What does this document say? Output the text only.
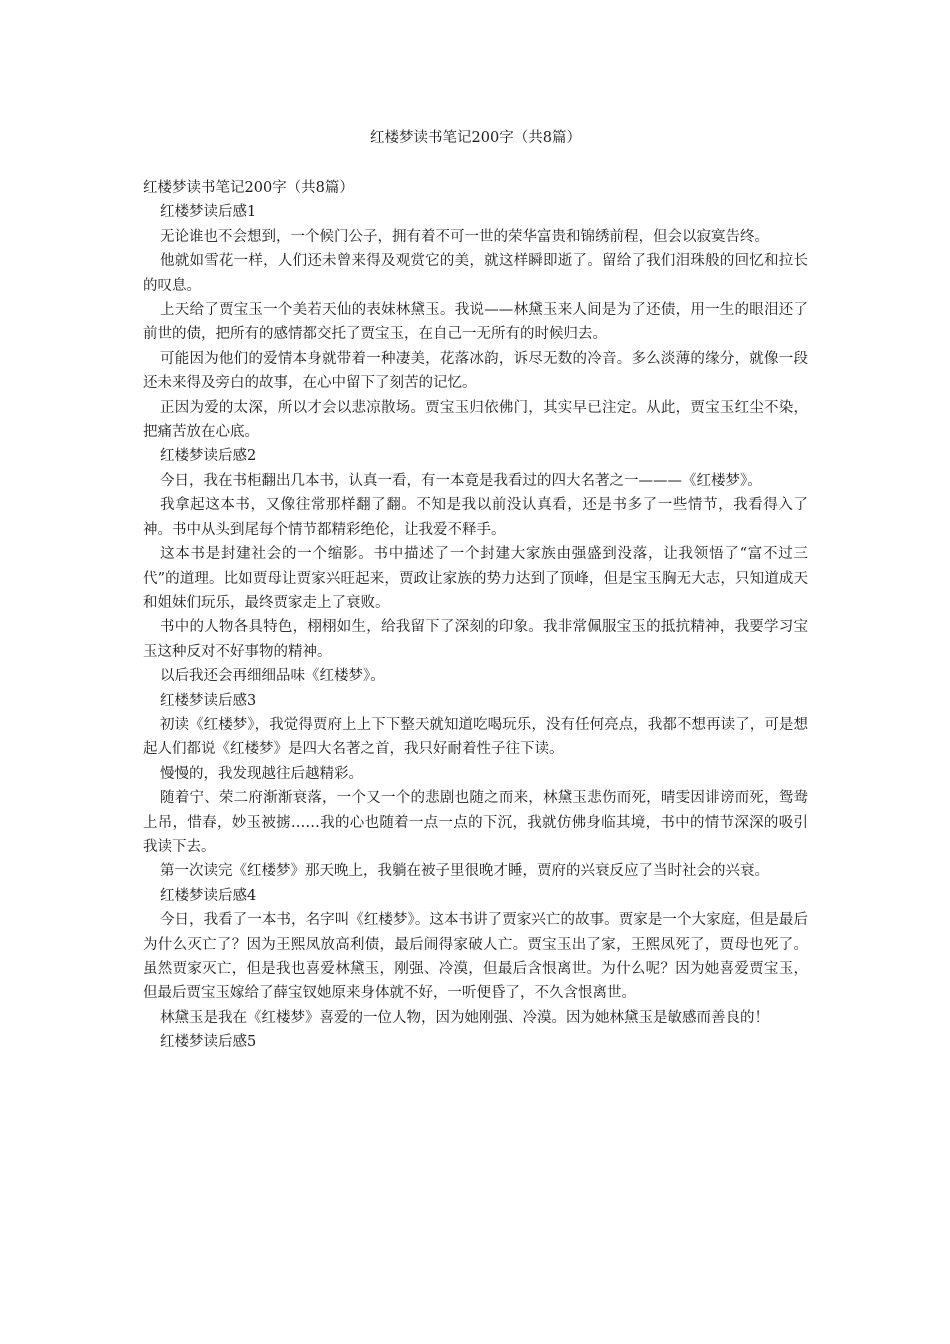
红楼梦读书笔记200字（共8篇）

红楼梦读书笔记200字（共8篇）

红楼梦读后感1

无论谁也不会想到，一个候门公子，拥有着不可一世的荣华富贵和锦绣前程，但会以寂寞告终。

他就如雪花一样，人们还未曾来得及观赏它的美，就这样瞬即逝了。留给了我们泪珠般的回忆和拉长的叹息。

上天给了贾宝玉一个美若天仙的表妹林黛玉。我说——林黛玉来人间是为了还债，用一生的眼泪还了前世的债，把所有的感情都交托了贾宝玉，在自己一无所有的时候归去。

可能因为他们的爱情本身就带着一种凄美，花落冰韵，诉尽无数的冷音。多么淡薄的缘分，就像一段还未来得及旁白的故事，在心中留下了刻苦的记忆。

正因为爱的太深，所以才会以悲凉散场。贾宝玉归依佛门，其实早已注定。从此，贾宝玉红尘不染，把痛苦放在心底。

红楼梦读后感2

今日，我在书柜翻出几本书，认真一看，有一本竟是我看过的四大名著之一———《红楼梦》。

我拿起这本书，又像往常那样翻了翻。不知是我以前没认真看，还是书多了一些情节，我看得入了神。书中从头到尾每个情节都精彩绝伦，让我爱不释手。

这本书是封建社会的一个缩影。书中描述了一个封建大家族由强盛到没落，让我领悟了“富不过三代”的道理。比如贾母让贾家兴旺起来，贾政让家族的势力达到了顶峰，但是宝玉胸无大志，只知道成天和姐妹们玩乐，最终贾家走上了衰败。

书中的人物各具特色，栩栩如生，给我留下了深刻的印象。我非常佩服宝玉的抵抗精神，我要学习宝玉这种反对不好事物的精神。

以后我还会再细细品味《红楼梦》。

红楼梦读后感3

初读《红楼梦》，我觉得贾府上上下下整天就知道吃喝玩乐，没有任何亮点，我都不想再读了，可是想起人们都说《红楼梦》是四大名著之首，我只好耐着性子往下读。

慢慢的，我发现越往后越精彩。

随着宁、荣二府渐渐衰落，一个又一个的悲剧也随之而来，林黛玉悲伤而死，晴雯因诽谤而死，鸳鸯上吊，惜春，妙玉被掳……我的心也随着一点一点的下沉，我就仿佛身临其境，书中的情节深深的吸引我读下去。

第一次读完《红楼梦》那天晚上，我躺在被子里很晚才睡，贾府的兴衰反应了当时社会的兴衰。

红楼梦读后感4

今日，我看了一本书，名字叫《红楼梦》。这本书讲了贾家兴亡的故事。贾家是一个大家庭，但是最后为什么灭亡了？因为王熙凤放高利债，最后闹得家破人亡。贾宝玉出了家，王熙凤死了，贾母也死了。虽然贾家灭亡，但是我也喜爱林黛玉，刚强、冷漠，但最后含恨离世。为什么呢？因为她喜爱贾宝玉，但最后贾宝玉嫁给了薛宝钗她原来身体就不好，一听便昏了，不久含恨离世。

林黛玉是我在《红楼梦》喜爱的一位人物，因为她刚强、冷漠。因为她林黛玉是敏感而善良的！

红楼梦读后感5
